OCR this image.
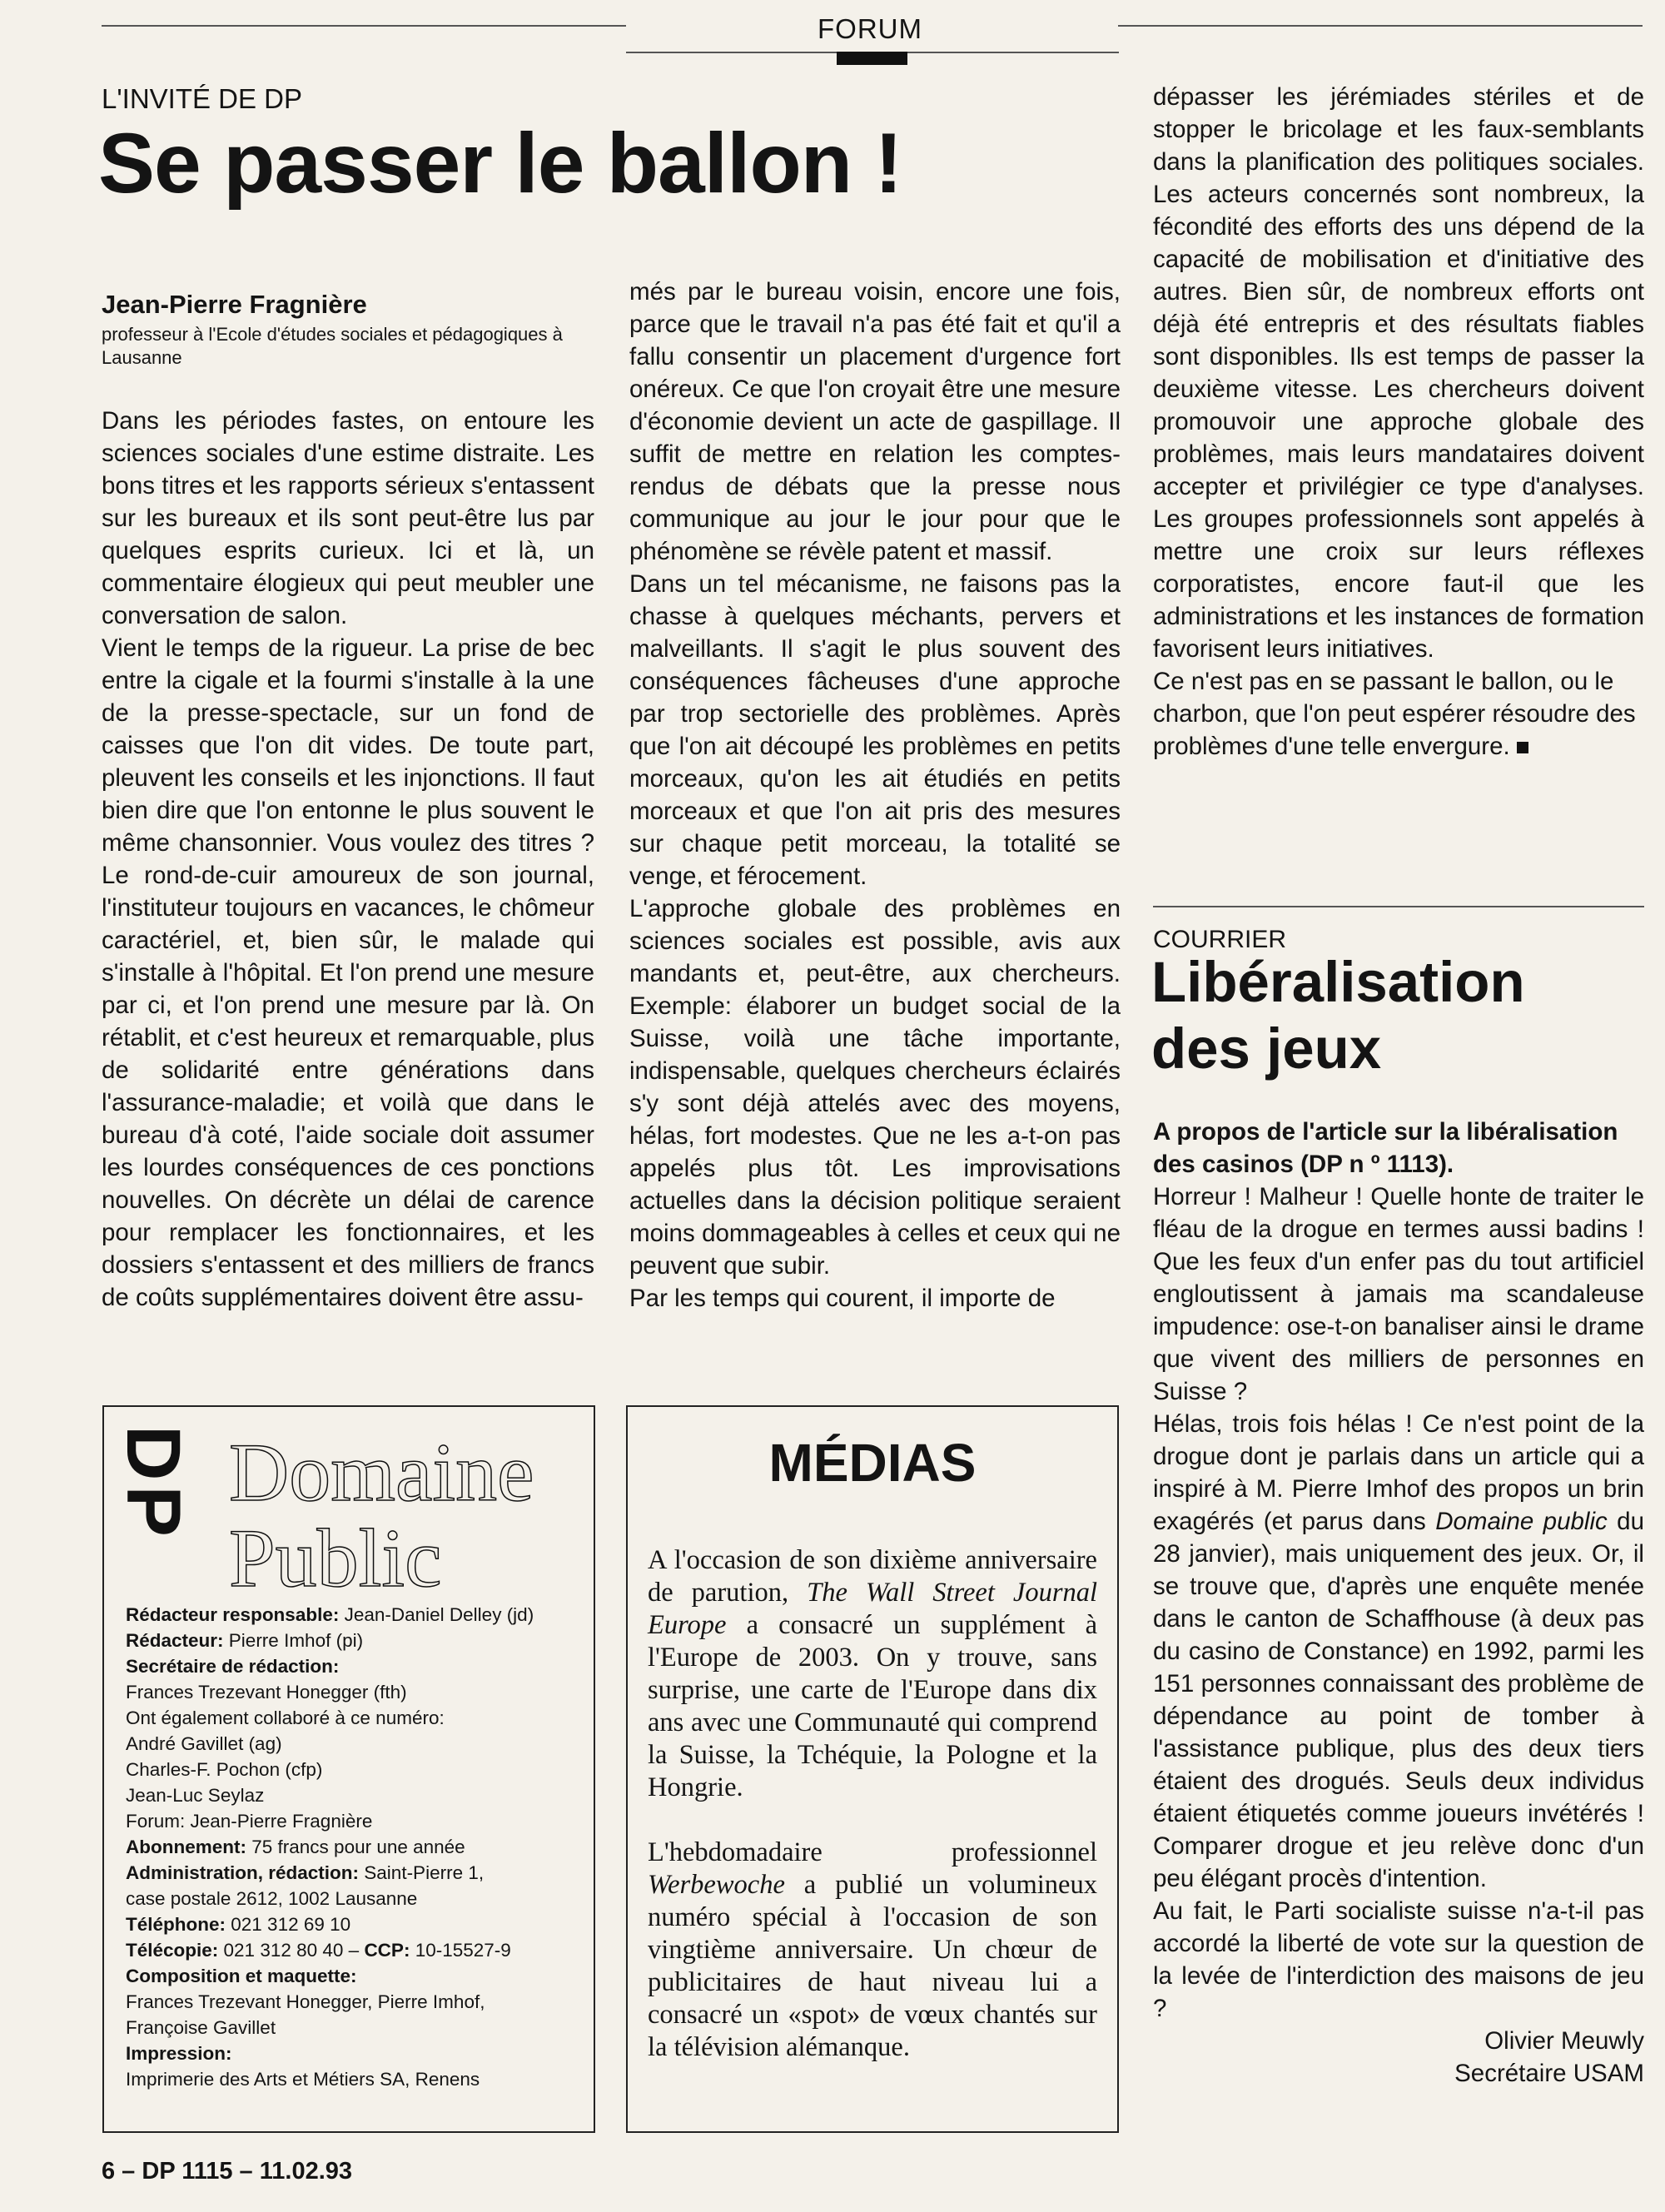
FORUM
L'INVITÉ DE DP
Se passer le ballon !
Jean-Pierre Fragnière
professeur à l'Ecole d'études sociales et pédagogiques à Lausanne

Dans les périodes fastes, on entoure les sciences sociales d'une estime distraite. Les bons titres et les rapports sérieux s'entassent sur les bureaux et ils sont peut-être lus par quelques esprits curieux. Ici et là, un commentaire élogieux qui peut meubler une conversation de salon.

Vient le temps de la rigueur. La prise de bec entre la cigale et la fourmi s'installe à la une de la presse-spectacle, sur un fond de caisses que l'on dit vides. De toute part, pleuvent les conseils et les injonctions. Il faut bien dire que l'on entonne le plus souvent le même chansonnier. Vous voulez des titres ? Le rond-de-cuir amoureux de son journal, l'instituteur toujours en vacances, le chômeur caractériel, et, bien sûr, le malade qui s'installe à l'hôpital. Et l'on prend une mesure par ci, et l'on prend une mesure par là. On rétablit, et c'est heureux et remarquable, plus de solidarité entre générations dans l'assurance-maladie; et voilà que dans le bureau d'à coté, l'aide sociale doit assumer les lourdes conséquences de ces ponctions nouvelles. On décrète un délai de carence pour remplacer les fonctionnaires, et les dossiers s'entassent et des milliers de francs de coûts supplémentaires doivent être assu-

més par le bureau voisin, encore une fois, parce que le travail n'a pas été fait et qu'il a fallu consentir un placement d'urgence fort onéreux. Ce que l'on croyait être une mesure d'économie devient un acte de gaspillage. Il suffit de mettre en relation les comptes-rendus de débats que la presse nous communique au jour le jour pour que le phénomène se révèle patent et massif.

Dans un tel mécanisme, ne faisons pas la chasse à quelques méchants, pervers et malveillants. Il s'agit le plus souvent des conséquences fâcheuses d'une approche par trop sectorielle des problèmes. Après que l'on ait découpé les problèmes en petits morceaux, qu'on les ait étudiés en petits morceaux et que l'on ait pris des mesures sur chaque petit morceau, la totalité se venge, et férocement.

L'approche globale des problèmes en sciences sociales est possible, avis aux mandants et, peut-être, aux chercheurs. Exemple: élaborer un budget social de la Suisse, voilà une tâche importante, indispensable, quelques chercheurs éclairés s'y sont déjà attelés avec des moyens, hélas, fort modestes. Que ne les a-t-on pas appelés plus tôt. Les improvisations actuelles dans la décision politique seraient moins dommageables à celles et ceux qui ne peuvent que subir.

Par les temps qui courent, il importe de

dépasser les jérémiades stériles et de stopper le bricolage et les faux-semblants dans la planification des politiques sociales. Les acteurs concernés sont nombreux, la fécondité des efforts des uns dépend de la capacité de mobilisation et d'initiative des autres. Bien sûr, de nombreux efforts ont déjà été entrepris et des résultats fiables sont disponibles. Ils est temps de passer la deuxième vitesse. Les chercheurs doivent promouvoir une approche globale des problèmes, mais leurs mandataires doivent accepter et privilégier ce type d'analyses. Les groupes professionnels sont appelés à mettre une croix sur leurs réflexes corporatistes, encore faut-il que les administrations et les instances de formation favorisent leurs initiatives.

Ce n'est pas en se passant le ballon, ou le charbon, que l'on peut espérer résoudre des problèmes d'une telle envergure.

COURRIER
Libéralisation
des jeux

A propos de l'article sur la libéralisation des casinos (DP n º 1113).

Horreur ! Malheur ! Quelle honte de traiter le fléau de la drogue en termes aussi badins ! Que les feux d'un enfer pas du tout artificiel engloutissent à jamais ma scandaleuse impudence: ose-t-on banaliser ainsi le drame que vivent des milliers de personnes en Suisse ?

Hélas, trois fois hélas ! Ce n'est point de la drogue dont je parlais dans un article qui a inspiré à M. Pierre Imhof des propos un brin exagérés (et parus dans Domaine public du 28 janvier), mais uniquement des jeux. Or, il se trouve que, d'après une enquête menée dans le canton de Schaffhouse (à deux pas du casino de Constance) en 1992, parmi les 151 personnes connaissant des problème de dépendance au point de tomber à l'assistance publique, plus des deux tiers étaient des drogués. Seuls deux individus étaient étiquetés comme joueurs invétérés ! Comparer drogue et jeu relève donc d'un peu élégant procès d'intention.

Au fait, le Parti socialiste suisse n'a-t-il pas accordé la liberté de vote sur la question de la levée de l'interdiction des maisons de jeu ?

Olivier Meuwly

Secrétaire USAM

DP Domaine
Public
Rédacteur responsable: Jean-Daniel Delley (jd)
Rédacteur: Pierre Imhof (pi)
Secrétaire de rédaction:
Frances Trezevant Honegger (fth)
Ont également collaboré à ce numéro:
André Gavillet (ag)
Charles-F. Pochon (cfp)
Jean-Luc Seylaz
Forum: Jean-Pierre Fragnière
Abonnement: 75 francs pour une année
Administration, rédaction: Saint-Pierre 1,
case postale 2612, 1002 Lausanne
Téléphone: 021 312 69 10
Télécopie: 021 312 80 40 – CCP: 10-15527-9
Composition et maquette:
Frances Trezevant Honegger, Pierre Imhof,
Françoise Gavillet
Impression:
Imprimerie des Arts et Métiers SA, Renens
MÉDIAS

A l'occasion de son dixième anniversaire de parution, The Wall Street Journal Europe a consacré un supplément à l'Europe de 2003. On y trouve, sans surprise, une carte de l'Europe dans dix ans avec une Communauté qui comprend la Suisse, la Tchéquie, la Pologne et la Hongrie.

L'hebdomadaire professionnel Werbewoche a publié un volumineux numéro spécial à l'occasion de son vingtième anniversaire. Un chœur de publicitaires de haut niveau lui a consacré un «spot» de vœux chantés sur la télévision alémanque.

6 – DP 1115 – 11.02.93
